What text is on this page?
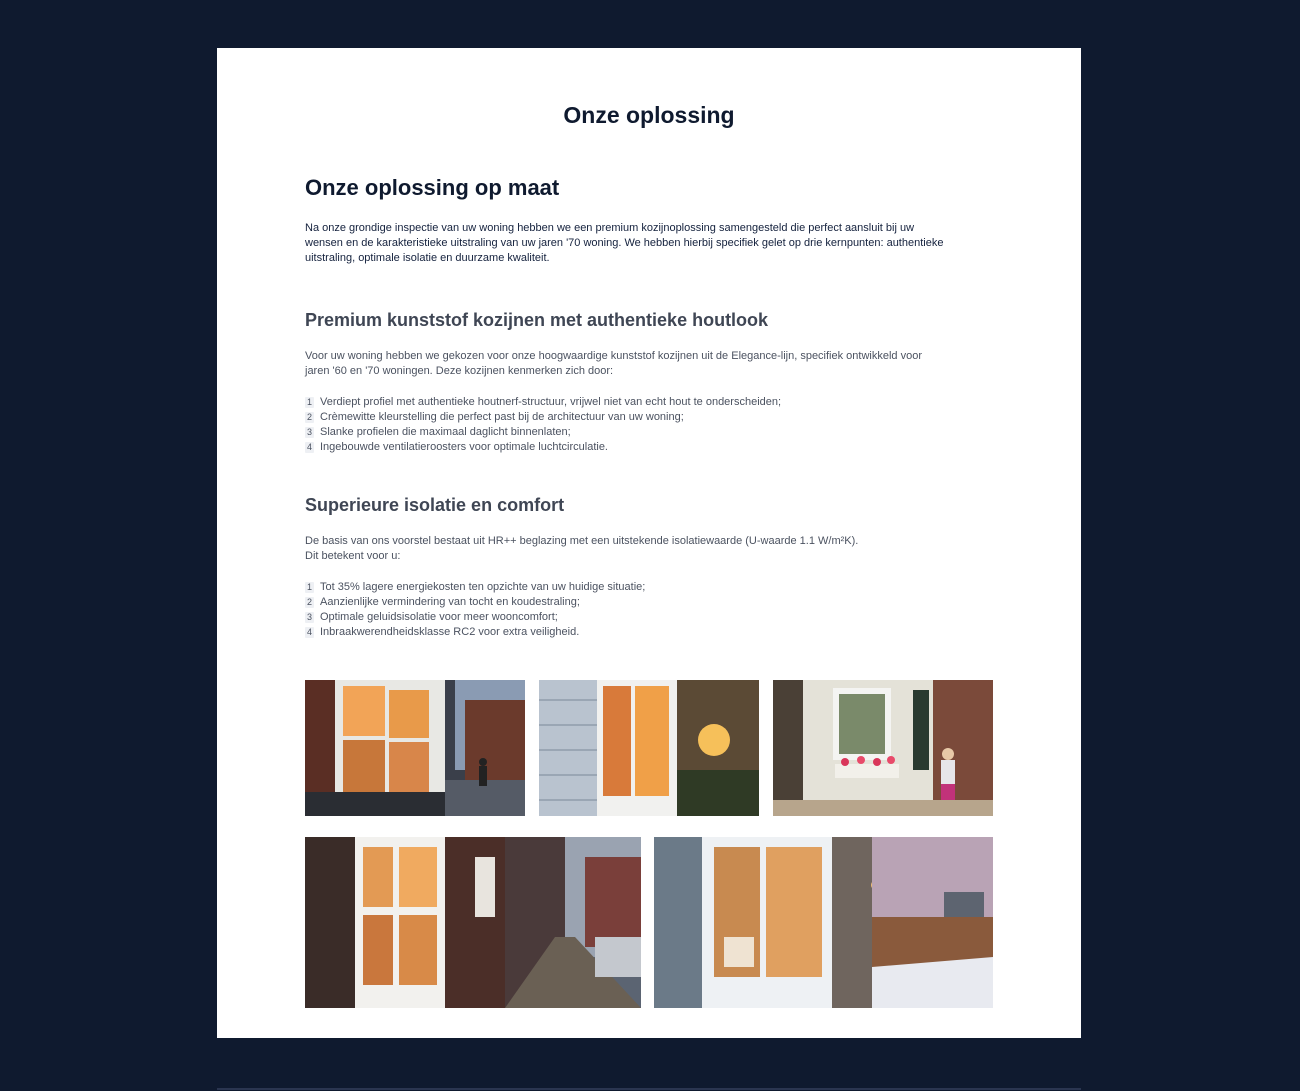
Onze oplossing
Onze oplossing op maat

Na onze grondige inspectie van uw woning hebben we een premium kozijnoplossing samengesteld die perfect aansluit bij uw
wensen en de karakteristieke uitstraling van uw jaren '70 woning. We hebben hierbij specifiek gelet op drie kernpunten: authentieke
uitstraling, optimale isolatie en duurzame kwaliteit.

Premium kunststof kozijnen met authentieke houtlook

Voor uw woning hebben we gekozen voor onze hoogwaardige kunststof kozijnen uit de Elegance-lijn, specifiek ontwikkeld voor
jaren '60 en '70 woningen. Deze kozijnen kenmerken zich door:

1 Verdiept profiel met authentieke houtnerf-structuur, vrijwel niet van echt hout te onderscheiden;
2 Crèmewitte kleurstelling die perfect past bij de architectuur van uw woning;
3 Slanke profielen die maximaal daglicht binnenlaten;
4 Ingebouwde ventilatieroosters voor optimale luchtcirculatie.
Superieure isolatie en comfort

De basis van ons voorstel bestaat uit HR++ beglazing met een uitstekende isolatiewaarde (U-waarde 1.1 W/m²K).
Dit betekent voor u:

1 Tot 35% lagere energiekosten ten opzichte van uw huidige situatie;
2 Aanzienlijke vermindering van tocht en koudestraling;
3 Optimale geluidsisolatie voor meer wooncomfort;
4 Inbraakwerendheidsklasse RC2 voor extra veiligheid.
